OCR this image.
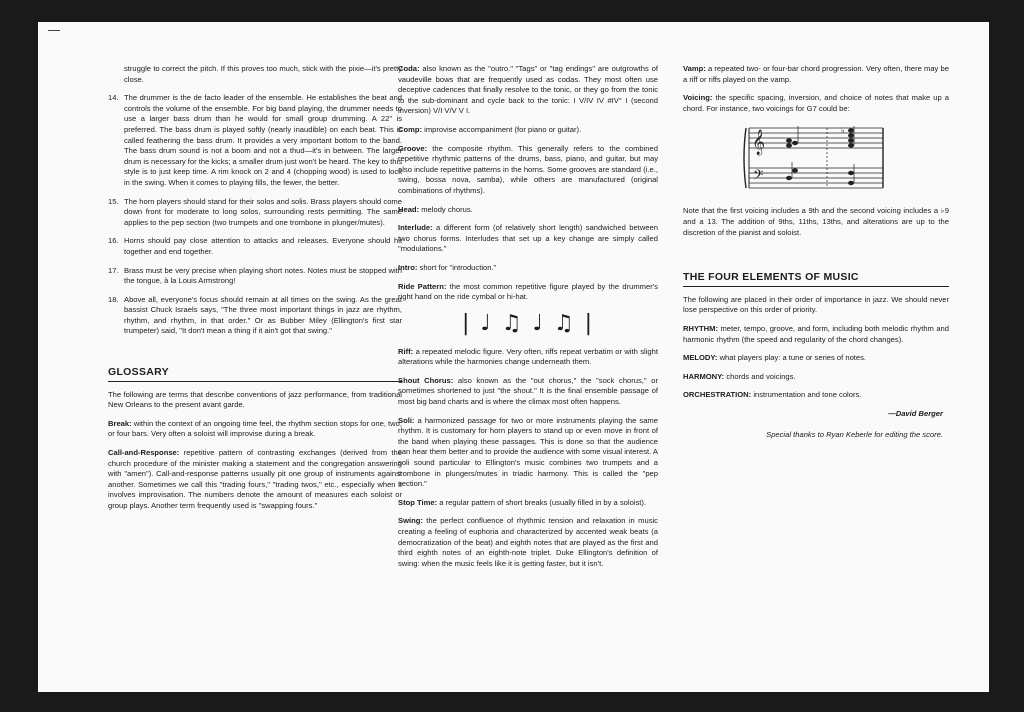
struggle to correct the pitch. If this proves too much, stick with the pixie—it's pretty close.

14. The drummer is the de facto leader of the ensemble. He establishes the beat and controls the volume of the ensemble. For big band playing, the drummer needs to use a larger bass drum than he would for small group drumming. A 22" is preferred. The bass drum is played softly (nearly inaudible) on each beat. This is called feathering the bass drum. It provides a very important bottom to the band. The bass drum sound is not a boom and not a thud—it's in between. The larger drum is necessary for the kicks; a smaller drum just won't be heard. The key to this style is to just keep time. A rim knock on 2 and 4 (chopping wood) is used to lock in the swing. When it comes to playing fills, the fewer, the better.
15. The horn players should stand for their solos and solis. Brass players should come down front for moderate to long solos, surrounding rests permitting. The same applies to the pep section (two trumpets and one trombone in plunger/mutes).
16. Horns should pay close attention to attacks and releases. Everyone should hit together and end together.
17. Brass must be very precise when playing short notes. Notes must be stopped with the tongue, à la Louis Armstrong!
18. Above all, everyone's focus should remain at all times on the swing. As the great bassist Chuck Israels says, "The three most important things in jazz are rhythm, rhythm, and rhythm, in that order." Or as Bubber Miley (Ellington's first star trumpeter) said, "It don't mean a thing if it ain't got that swing."
GLOSSARY

The following are terms that describe conventions of jazz performance, from traditional New Orleans to the present avant garde.

Break: within the context of an ongoing time feel, the rhythm section stops for one, two, or four bars. Very often a soloist will improvise during a break.

Call-and-Response: repetitive pattern of contrasting exchanges (derived from the church procedure of the minister making a statement and the congregation answering with "amen"). Call-and-response patterns usually pit one group of instruments against another. Sometimes we call this "trading fours," "trading twos," etc., especially when it involves improvisation. The numbers denote the amount of measures each soloist or group plays. Another term frequently used is "swapping fours."

Coda: also known as the "outro." "Tags" or "tag endings" are outgrowths of vaudeville bows that are frequently used as codas. They most often use deceptive cadences that finally resolve to the tonic, or they go from the tonic to the sub-dominant and cycle back to the tonic: I V/IV IV #IV° I (second inversion) V/I V/V V I.

Comp: improvise accompaniment (for piano or guitar).

Groove: the composite rhythm. This generally refers to the combined repetitive rhythmic patterns of the drums, bass, piano, and guitar, but may also include repetitive patterns in the horns. Some grooves are standard (i.e., swing, bossa nova, samba), while others are manufactured (original combinations of rhythms).

Head: melody chorus.

Interlude: a different form (of relatively short length) sandwiched between two chorus forms. Interludes that set up a key change are simply called "modulations."

Intro: short for "introduction."

Ride Pattern: the most common repetitive figure played by the drummer's right hand on the ride cymbal or hi-hat.

| ♩ ♫ ♩ ♫ |

Riff: a repeated melodic figure. Very often, riffs repeat verbatim or with slight alterations while the harmonies change underneath them.

Shout Chorus: also known as the "out chorus," the "sock chorus," or sometimes shortened to just "the shout." It is the final ensemble passage of most big band charts and is where the climax most often happens.

Soli: a harmonized passage for two or more instruments playing the same rhythm. It is customary for horn players to stand up or even move in front of the band when playing these passages. This is done so that the audience can hear them better and to provide the audience with some visual interest. A soli sound particular to Ellington's music combines two trumpets and a trombone in plungers/mutes in triadic harmony. This is called the "pep section."

Stop Time: a regular pattern of short breaks (usually filled in by a soloist).

Swing: the perfect confluence of rhythmic tension and relaxation in music creating a feeling of euphoria and characterized by accented weak beats (a democratization of the beat) and eighth notes that are played as the first and third eighth notes of an eighth-note triplet. Duke Ellington's definition of swing: when the music feels like it is getting faster, but it isn't.

Vamp: a repeated two- or four-bar chord progression. Very often, there may be a riff or riffs played on the vamp.

Voicing: the specific spacing, inversion, and choice of notes that make up a chord. For instance, two voicings for G7 could be:

𝄞
𝄢
♭

Note that the first voicing includes a 9th and the second voicing includes a ♭9 and a 13. The addition of 9ths, 11ths, 13ths, and alterations are up to the discretion of the pianist and soloist.

THE FOUR ELEMENTS OF MUSIC

The following are placed in their order of importance in jazz. We should never lose perspective on this order of priority.

RHYTHM: meter, tempo, groove, and form, including both melodic rhythm and harmonic rhythm (the speed and regularity of the chord changes).

MELODY: what players play: a tune or series of notes.

HARMONY: chords and voicings.

ORCHESTRATION: instrumentation and tone colors.

—David Berger
Special thanks to Ryan Keberle for editing the score.
